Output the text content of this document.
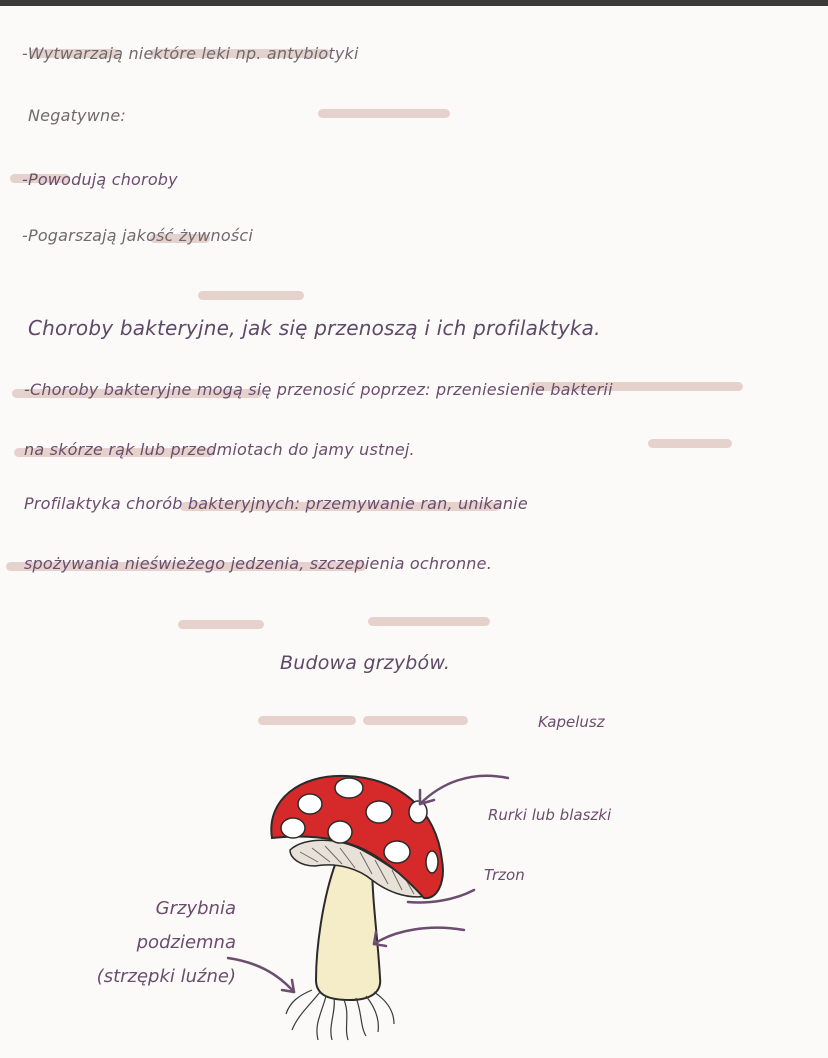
-Wytwarzają niektóre leki np. antybiotyki
Negatywne:
-Powodują choroby
-Pogarszają jakość żywności
Choroby bakteryjne, jak się przenoszą i ich profilaktyka.
-Choroby bakteryjne mogą się przenosić poprzez: przeniesienie bakterii
na skórze rąk lub przedmiotach do jamy ustnej.
Profilaktyka chorób bakteryjnych: przemywanie ran, unikanie
spożywania nieświeżego jedzenia, szczepienia ochronne.
Budowa grzybów.
Kapelusz
Rurki lub blaszki
Trzon
Grzybnia
podziemna
(strzępki luźne)
